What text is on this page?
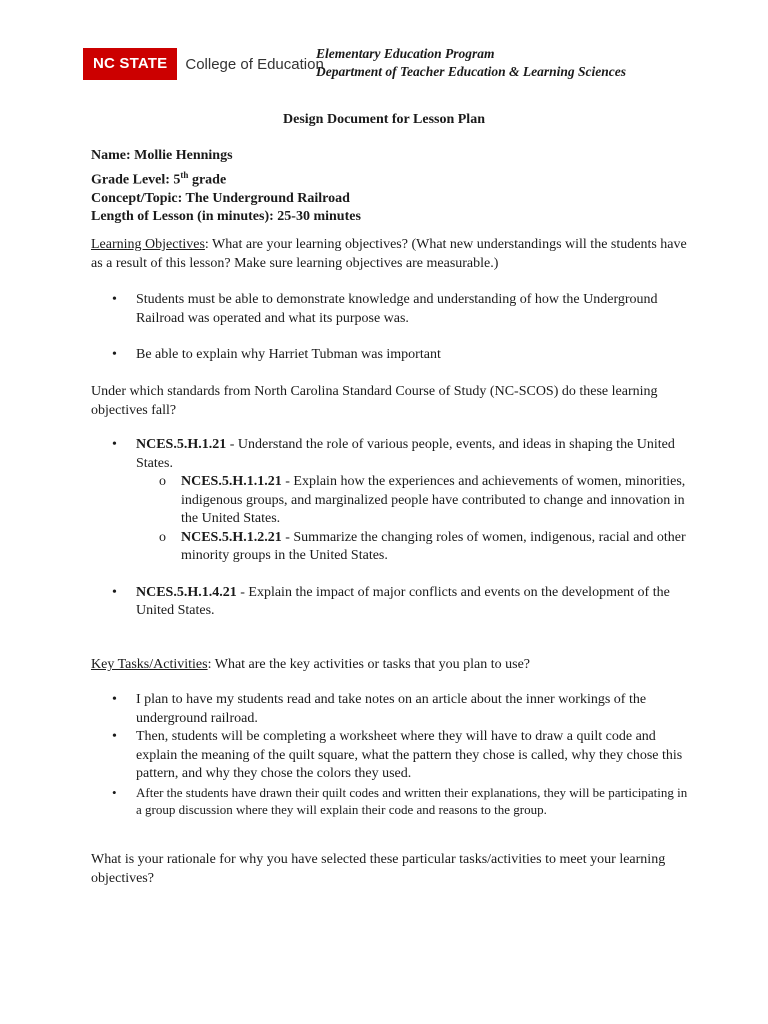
NC STATE	College of Education
Elementary Education Program
Department of Teacher Education & Learning Sciences
Design Document for Lesson Plan
Name: Mollie Hennings
Grade Level: 5th grade
Concept/Topic: The Underground Railroad
Length of Lesson (in minutes): 25-30 minutes
Learning Objectives: What are your learning objectives? (What new understandings will the students have as a result of this lesson? Make sure learning objectives are measurable.)
• Students must be able to demonstrate knowledge and understanding of how the Underground Railroad was operated and what its purpose was.
• Be able to explain why Harriet Tubman was important
Under which standards from North Carolina Standard Course of Study (NC-SCOS) do these learning objectives fall?
• NCES.5.H.1.21 - Understand the role of various people, events, and ideas in shaping the United States.
o NCES.5.H.1.1.21 - Explain how the experiences and achievements of women, minorities, indigenous groups, and marginalized people have contributed to change and innovation in the United States.
o NCES.5.H.1.2.21 - Summarize the changing roles of women, indigenous, racial and other minority groups in the United States.
• NCES.5.H.1.4.21 - Explain the impact of major conflicts and events on the development of the United States.
Key Tasks/Activities: What are the key activities or tasks that you plan to use?
• I plan to have my students read and take notes on an article about the inner workings of the underground railroad.
• Then, students will be completing a worksheet where they will have to draw a quilt code and explain the meaning of the quilt square, what the pattern they chose is called, why they chose this pattern, and why they chose the colors they used.
• After the students have drawn their quilt codes and written their explanations, they will be participating in a group discussion where they will explain their code and reasons to the group.
What is your rationale for why you have selected these particular tasks/activities to meet your learning objectives?
